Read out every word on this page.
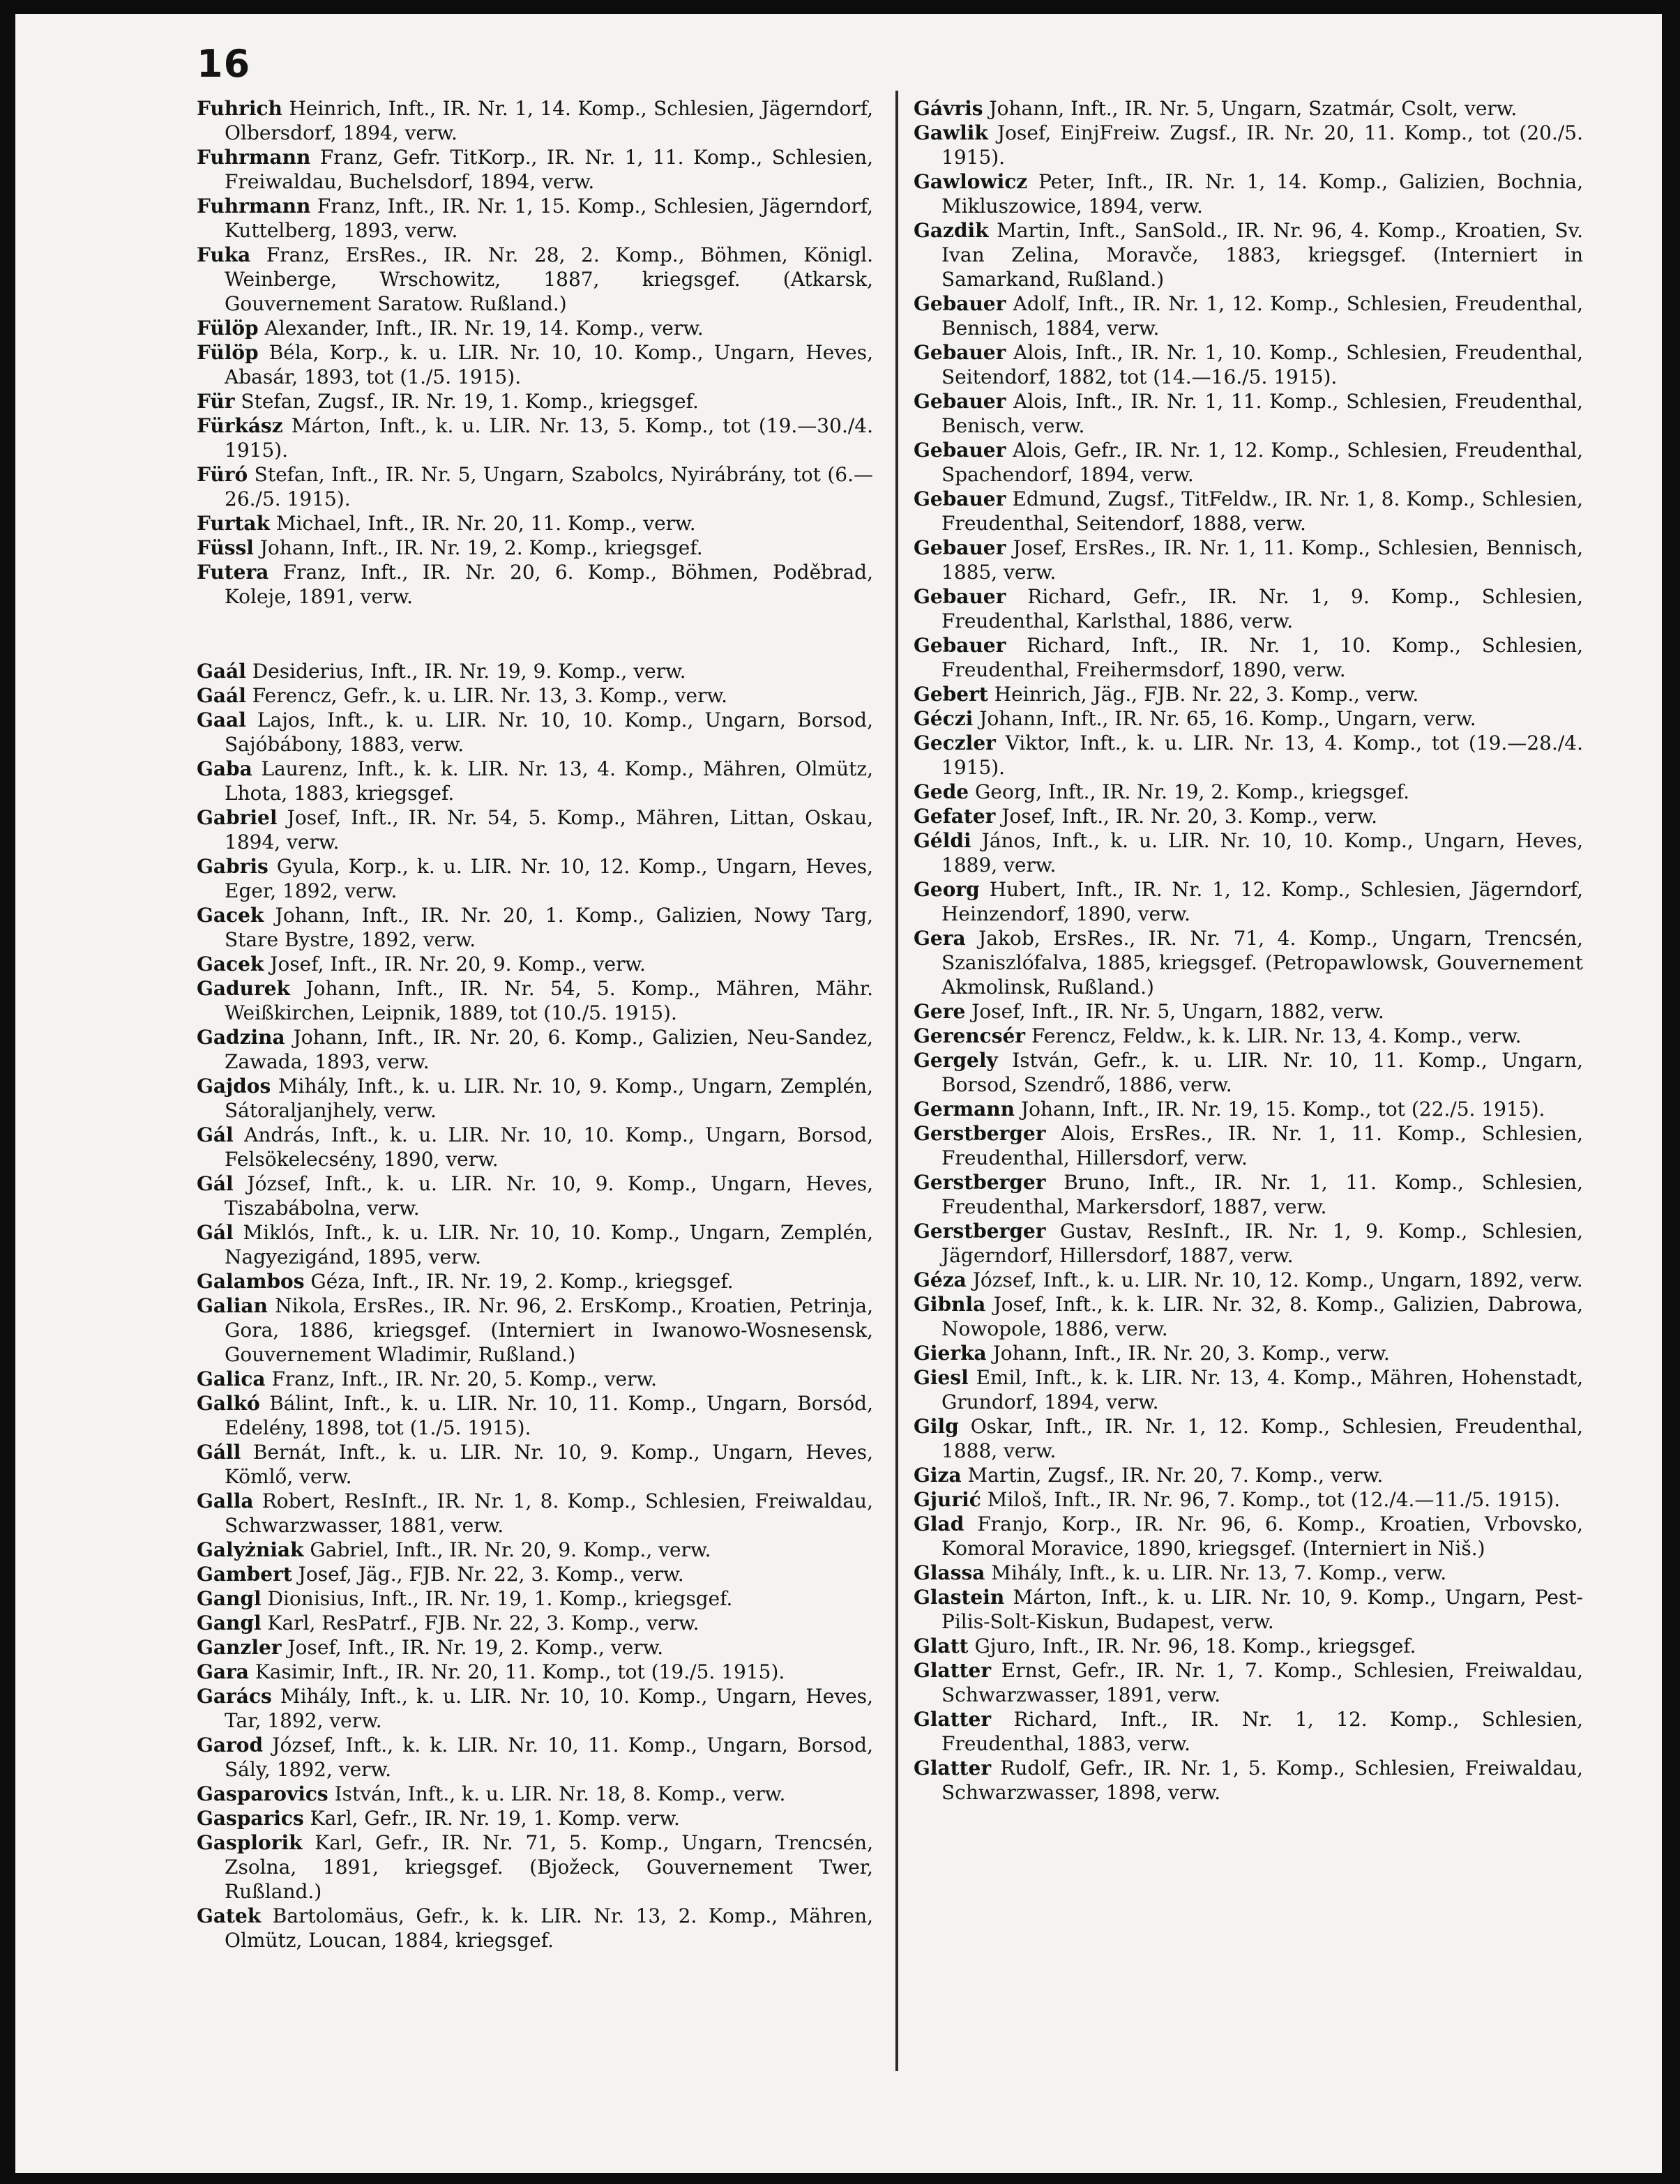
16
Fuhrich Heinrich, Inft., IR. Nr. 1, 14. Komp., Schlesien, Jägerndorf, Olbersdorf, 1894, verw.
Fuhrmann Franz, Gefr. TitKorp., IR. Nr. 1, 11. Komp., Schlesien, Freiwaldau, Buchelsdorf, 1894, verw.
Fuhrmann Franz, Inft., IR. Nr. 1, 15. Komp., Schlesien, Jägerndorf, Kuttelberg, 1893, verw.
Fuka Franz, ErsRes., IR. Nr. 28, 2. Komp., Böhmen, Königl. Weinberge, Wrschowitz, 1887, kriegsgef. (Atkarsk, Gouvernement Saratow. Rußland.)
Fülöp Alexander, Inft., IR. Nr. 19, 14. Komp., verw.
Fülöp Béla, Korp., k. u. LIR. Nr. 10, 10. Komp., Ungarn, Heves, Abasár, 1893, tot (1./5. 1915).
Für Stefan, Zugsf., IR. Nr. 19, 1. Komp., kriegsgef.
Fürkász Márton, Inft., k. u. LIR. Nr. 13, 5. Komp., tot (19.—30./4. 1915).
Füró Stefan, Inft., IR. Nr. 5, Ungarn, Szabolcs, Nyirábrány, tot (6.—26./5. 1915).
Furtak Michael, Inft., IR. Nr. 20, 11. Komp., verw.
Füssl Johann, Inft., IR. Nr. 19, 2. Komp., kriegsgef.
Futera Franz, Inft., IR. Nr. 20, 6. Komp., Böhmen, Poděbrad, Koleje, 1891, verw.
Gaál Desiderius, Inft., IR. Nr. 19, 9. Komp., verw.
Gaál Ferencz, Gefr., k. u. LIR. Nr. 13, 3. Komp., verw.
Gaal Lajos, Inft., k. u. LIR. Nr. 10, 10. Komp., Ungarn, Borsod, Sajóbábony, 1883, verw.
Gaba Laurenz, Inft., k. k. LIR. Nr. 13, 4. Komp., Mähren, Olmütz, Lhota, 1883, kriegsgef.
Gabriel Josef, Inft., IR. Nr. 54, 5. Komp., Mähren, Littan, Oskau, 1894, verw.
Gabris Gyula, Korp., k. u. LIR. Nr. 10, 12. Komp., Ungarn, Heves, Eger, 1892, verw.
Gacek Johann, Inft., IR. Nr. 20, 1. Komp., Galizien, Nowy Targ, Stare Bystre, 1892, verw.
Gacek Josef, Inft., IR. Nr. 20, 9. Komp., verw.
Gadurek Johann, Inft., IR. Nr. 54, 5. Komp., Mähren, Mähr. Weißkirchen, Leipnik, 1889, tot (10./5. 1915).
Gadzina Johann, Inft., IR. Nr. 20, 6. Komp., Galizien, Neu-Sandez, Zawada, 1893, verw.
Gajdos Mihály, Inft., k. u. LIR. Nr. 10, 9. Komp., Ungarn, Zemplén, Sátoraljanjhely, verw.
Gál András, Inft., k. u. LIR. Nr. 10, 10. Komp., Ungarn, Borsod, Felsökelecsény, 1890, verw.
Gál József, Inft., k. u. LIR. Nr. 10, 9. Komp., Ungarn, Heves, Tiszabábolna, verw.
Gál Miklós, Inft., k. u. LIR. Nr. 10, 10. Komp., Ungarn, Zemplén, Nagyezigánd, 1895, verw.
Galambos Géza, Inft., IR. Nr. 19, 2. Komp., kriegsgef.
Galian Nikola, ErsRes., IR. Nr. 96, 2. ErsKomp., Kroatien, Petrinja, Gora, 1886, kriegsgef. (Interniert in Iwanowo-Wosnesensk, Gouvernement Wladimir, Rußland.)
Galica Franz, Inft., IR. Nr. 20, 5. Komp., verw.
Galkó Bálint, Inft., k. u. LIR. Nr. 10, 11. Komp., Ungarn, Borsód, Edelény, 1898, tot (1./5. 1915).
Gáll Bernát, Inft., k. u. LIR. Nr. 10, 9. Komp., Ungarn, Heves, Kömlő, verw.
Galla Robert, ResInft., IR. Nr. 1, 8. Komp., Schlesien, Freiwaldau, Schwarzwasser, 1881, verw.
Galyżniak Gabriel, Inft., IR. Nr. 20, 9. Komp., verw.
Gambert Josef, Jäg., FJB. Nr. 22, 3. Komp., verw.
Gangl Dionisius, Inft., IR. Nr. 19, 1. Komp., kriegsgef.
Gangl Karl, ResPatrf., FJB. Nr. 22, 3. Komp., verw.
Ganzler Josef, Inft., IR. Nr. 19, 2. Komp., verw.
Gara Kasimir, Inft., IR. Nr. 20, 11. Komp., tot (19./5. 1915).
Garács Mihály, Inft., k. u. LIR. Nr. 10, 10. Komp., Ungarn, Heves, Tar, 1892, verw.
Garod József, Inft., k. k. LIR. Nr. 10, 11. Komp., Ungarn, Borsod, Sály, 1892, verw.
Gasparovics István, Inft., k. u. LIR. Nr. 18, 8. Komp., verw.
Gasparics Karl, Gefr., IR. Nr. 19, 1. Komp. verw.
Gasplorik Karl, Gefr., IR. Nr. 71, 5. Komp., Ungarn, Trencsén, Zsolna, 1891, kriegsgef. (Bjožeck, Gouvernement Twer, Rußland.)
Gatek Bartolomäus, Gefr., k. k. LIR. Nr. 13, 2. Komp., Mähren, Olmütz, Loucan, 1884, kriegsgef.
Gávris Johann, Inft., IR. Nr. 5, Ungarn, Szatmár, Csolt, verw.
Gawlik Josef, EinjFreiw. Zugsf., IR. Nr. 20, 11. Komp., tot (20./5. 1915).
Gawlowicz Peter, Inft., IR. Nr. 1, 14. Komp., Galizien, Bochnia, Mikluszowice, 1894, verw.
Gazdik Martin, Inft., SanSold., IR. Nr. 96, 4. Komp., Kroatien, Sv. Ivan Zelina, Moravče, 1883, kriegsgef. (Interniert in Samarkand, Rußland.)
Gebauer Adolf, Inft., IR. Nr. 1, 12. Komp., Schlesien, Freudenthal, Bennisch, 1884, verw.
Gebauer Alois, Inft., IR. Nr. 1, 10. Komp., Schlesien, Freudenthal, Seitendorf, 1882, tot (14.—16./5. 1915).
Gebauer Alois, Inft., IR. Nr. 1, 11. Komp., Schlesien, Freudenthal, Benisch, verw.
Gebauer Alois, Gefr., IR. Nr. 1, 12. Komp., Schlesien, Freudenthal, Spachendorf, 1894, verw.
Gebauer Edmund, Zugsf., TitFeldw., IR. Nr. 1, 8. Komp., Schlesien, Freudenthal, Seitendorf, 1888, verw.
Gebauer Josef, ErsRes., IR. Nr. 1, 11. Komp., Schlesien, Bennisch, 1885, verw.
Gebauer Richard, Gefr., IR. Nr. 1, 9. Komp., Schlesien, Freudenthal, Karlsthal, 1886, verw.
Gebauer Richard, Inft., IR. Nr. 1, 10. Komp., Schlesien, Freudenthal, Freihermsdorf, 1890, verw.
Gebert Heinrich, Jäg., FJB. Nr. 22, 3. Komp., verw.
Géczi Johann, Inft., IR. Nr. 65, 16. Komp., Ungarn, verw.
Geczler Viktor, Inft., k. u. LIR. Nr. 13, 4. Komp., tot (19.—28./4. 1915).
Gede Georg, Inft., IR. Nr. 19, 2. Komp., kriegsgef.
Gefater Josef, Inft., IR. Nr. 20, 3. Komp., verw.
Géldi János, Inft., k. u. LIR. Nr. 10, 10. Komp., Ungarn, Heves, 1889, verw.
Georg Hubert, Inft., IR. Nr. 1, 12. Komp., Schlesien, Jägerndorf, Heinzendorf, 1890, verw.
Gera Jakob, ErsRes., IR. Nr. 71, 4. Komp., Ungarn, Trencsén, Szaniszlófalva, 1885, kriegsgef. (Petropawlowsk, Gouvernement Akmolinsk, Rußland.)
Gere Josef, Inft., IR. Nr. 5, Ungarn, 1882, verw.
Gerencsér Ferencz, Feldw., k. k. LIR. Nr. 13, 4. Komp., verw.
Gergely István, Gefr., k. u. LIR. Nr. 10, 11. Komp., Ungarn, Borsod, Szendrő, 1886, verw.
Germann Johann, Inft., IR. Nr. 19, 15. Komp., tot (22./5. 1915).
Gerstberger Alois, ErsRes., IR. Nr. 1, 11. Komp., Schlesien, Freudenthal, Hillersdorf, verw.
Gerstberger Bruno, Inft., IR. Nr. 1, 11. Komp., Schlesien, Freudenthal, Markersdorf, 1887, verw.
Gerstberger Gustav, ResInft., IR. Nr. 1, 9. Komp., Schlesien, Jägerndorf, Hillersdorf, 1887, verw.
Géza József, Inft., k. u. LIR. Nr. 10, 12. Komp., Ungarn, 1892, verw.
Gibnla Josef, Inft., k. k. LIR. Nr. 32, 8. Komp., Galizien, Dabrowa, Nowopole, 1886, verw.
Gierka Johann, Inft., IR. Nr. 20, 3. Komp., verw.
Giesl Emil, Inft., k. k. LIR. Nr. 13, 4. Komp., Mähren, Hohenstadt, Grundorf, 1894, verw.
Gilg Oskar, Inft., IR. Nr. 1, 12. Komp., Schlesien, Freudenthal, 1888, verw.
Giza Martin, Zugsf., IR. Nr. 20, 7. Komp., verw.
Gjurić Miloš, Inft., IR. Nr. 96, 7. Komp., tot (12./4.—11./5. 1915).
Glad Franjo, Korp., IR. Nr. 96, 6. Komp., Kroatien, Vrbovsko, Komoral Moravice, 1890, kriegsgef. (Interniert in Niš.)
Glassa Mihály, Inft., k. u. LIR. Nr. 13, 7. Komp., verw.
Glastein Márton, Inft., k. u. LIR. Nr. 10, 9. Komp., Ungarn, Pest-Pilis-Solt-Kiskun, Budapest, verw.
Glatt Gjuro, Inft., IR. Nr. 96, 18. Komp., kriegsgef.
Glatter Ernst, Gefr., IR. Nr. 1, 7. Komp., Schlesien, Freiwaldau, Schwarzwasser, 1891, verw.
Glatter Richard, Inft., IR. Nr. 1, 12. Komp., Schlesien, Freudenthal, 1883, verw.
Glatter Rudolf, Gefr., IR. Nr. 1, 5. Komp., Schlesien, Freiwaldau, Schwarzwasser, 1898, verw.
